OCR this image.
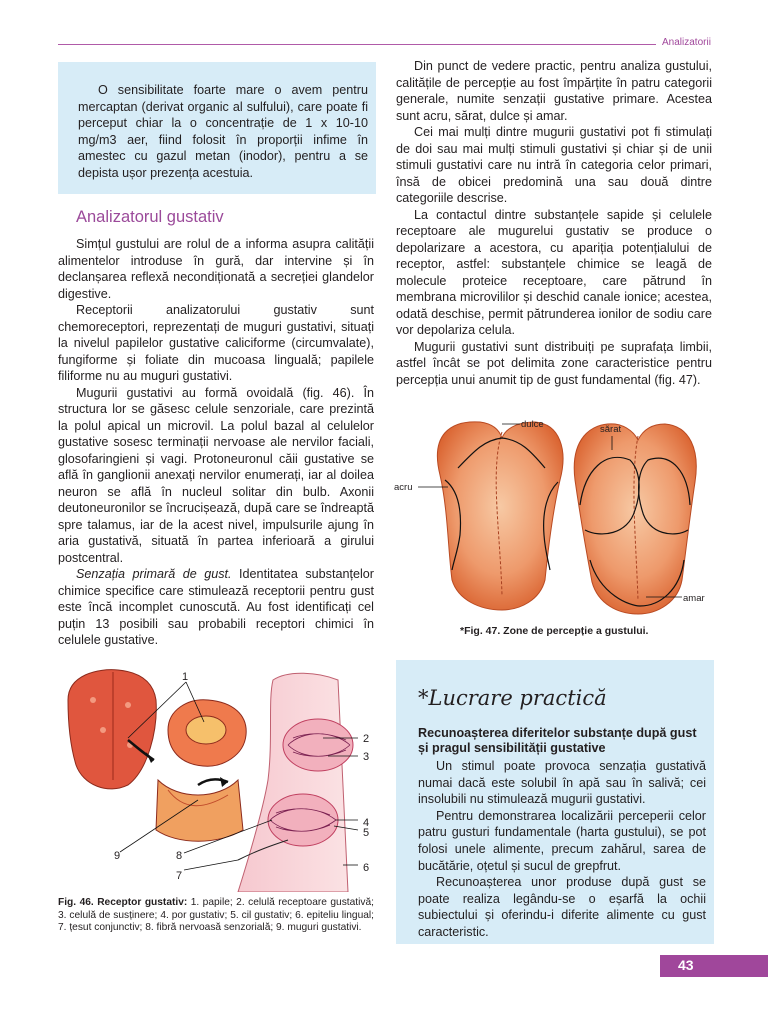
Analizatorii
O sensibilitate foarte mare o avem pentru mercaptan (derivat organic al sulfului), care poate fi perceput chiar la o concentrație de 1 x 10-10 mg/m3 aer, fiind folosit în proporții infime în amestec cu gazul metan (inodor), pentru a se depista ușor prezența acestuia.
Analizatorul gustativ

Simțul gustului are rolul de a informa asupra calității alimentelor introduse în gură, dar intervine și în declanșarea reflexă necondiționată a secreției glandelor digestive.

Receptorii analizatorului gustativ sunt chemoreceptori, reprezentați de muguri gustativi, situați la nivelul papilelor gustative caliciforme (circumvalate), fungiforme și foliate din mucoasa linguală; papilele filiforme nu au muguri gustativi.

Mugurii gustativi au formă ovoidală (fig. 46). În structura lor se găsesc celule senzoriale, care prezintă la polul apical un microvil. La polul bazal al celulelor gustative sosesc terminații nervoase ale nervilor faciali, glosofaringieni și vagi. Protoneuronul căii gustative se află în ganglionii anexați nervilor enumerați, iar al doilea neuron se află în nucleul solitar din bulb. Axonii deutoneuronilor se încrucișează, după care se îndreaptă spre talamus, iar de la acest nivel, impulsurile ajung în aria gustativă, situată în partea inferioară a girului postcentral.

Senzația primară de gust. Identitatea substanțelor chimice specifice care stimulează receptorii pentru gust este încă incomplet cunoscută. Au fost identificați cel puțin 13 posibili sau probabili receptori chimici în celulele gustative.

Din punct de vedere practic, pentru analiza gustului, calitățile de percepție au fost împărțite în patru categorii generale, numite senzații gustative primare. Acestea sunt acru, sărat, dulce și amar.

Cei mai mulți dintre mugurii gustativi pot fi stimulați de doi sau mai mulți stimuli gustativi și chiar și de unii stimuli gustativi care nu intră în categoria celor primari, însă de obicei predomină una sau două dintre categoriile descrise.

La contactul dintre substanțele sapide și celulele receptoare ale mugurelui gustativ se produce o depolarizare a acestora, cu apariția potențialului de receptor, astfel: substanțele chimice se leagă de molecule proteice receptoare, care pătrund în membrana microvililor și deschid canale ionice; acestea, odată deschise, permit pătrunderea ionilor de sodiu care vor depolariza celula.

Mugurii gustativi sunt distribuiți pe suprafața limbii, astfel încât se pot delimita zone caracteristice pentru percepția unui anumit tip de gust fundamental (fig. 47).

dulce	sărat
acru
amar
*Fig. 47. Zone de percepție a gustului.
1
2
3
4
5
6
7
8
9
Fig. 46. Receptor gustativ: 1. papile; 2. celulă receptoare gustativă; 3. celulă de susținere; 4. por gustativ; 5. cil gustativ; 6. epiteliu lingual; 7. țesut conjunctiv; 8. fibră nervoasă senzorială; 9. muguri gustativi.
*Lucrare practică
Recunoașterea diferitelor substanțe după gust și pragul sensibilității gustative

Un stimul poate provoca senzația gustativă numai dacă este solubil în apă sau în salivă; cei insolubili nu stimulează mugurii gustativi.

Pentru demonstrarea localizării perceperii celor patru gusturi fundamentale (harta gustului), se pot folosi unele alimente, precum zahărul, sarea de bucătărie, oțetul și sucul de grepfrut.

Recunoașterea unor produse după gust se poate realiza legându-se o eșarfă la ochii subiectului și oferindu-i diferite alimente cu gust caracteristic.

43
